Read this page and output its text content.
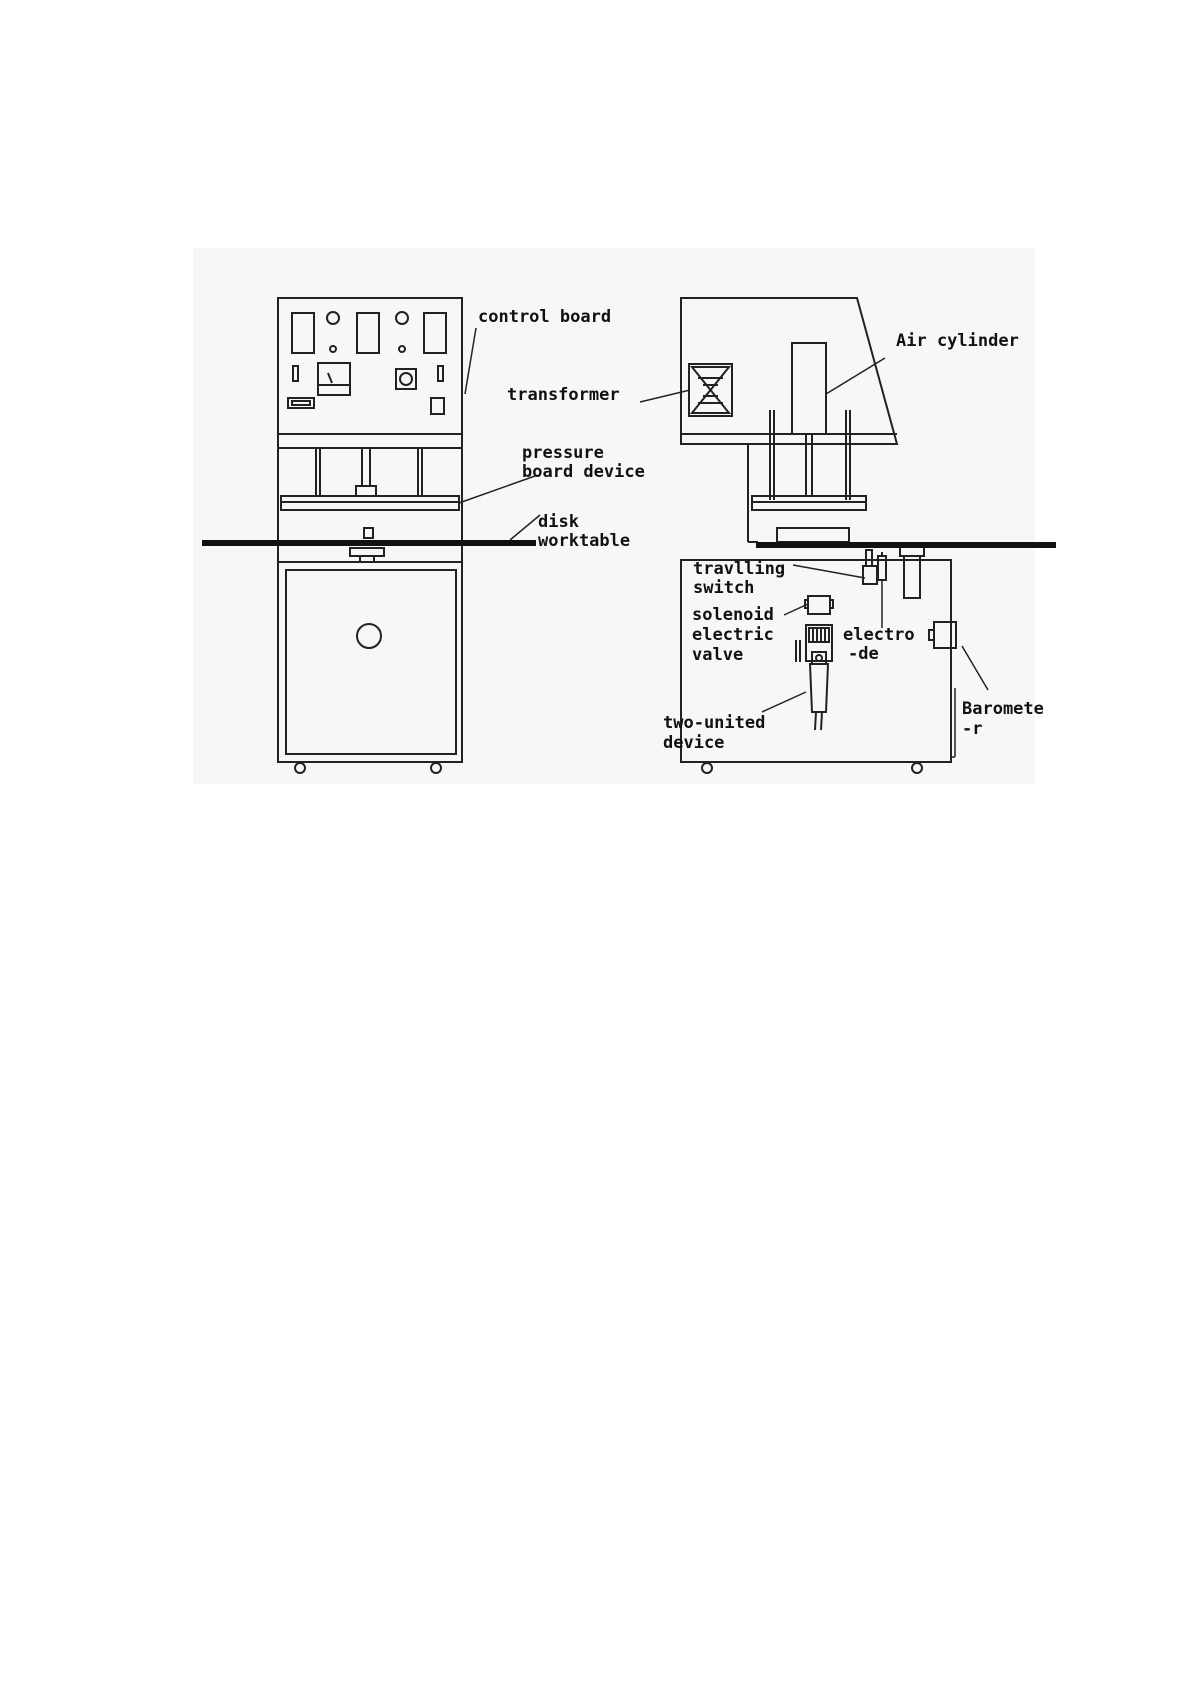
control board
pressure
board device
disk
worktable
transformer
Air cylinder
travlling
switch
solenoid
electric
valve
electro
-de
two-united
device
Baromete
-r
